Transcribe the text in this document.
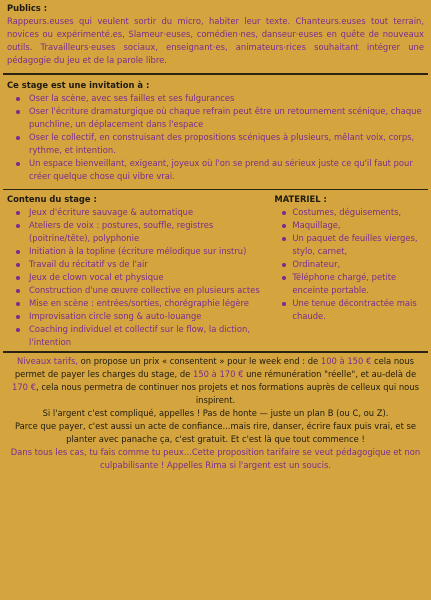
Publics :
Rappeurs.euses qui veulent sortir du micro, habiter leur texte. Chanteurs.euses tout terrain, novices ou expérimenté.es, Slameur·euses, comédien·nes, danseur·euses en quête de nouveaux outils. Travailleurs·euses sociaux, enseignant·es, animateurs·rices souhaitant intégrer une pédagogie du jeu et de la parole libre.
Ce stage est une invitation à :
Oser la scène, avec ses failles et ses fulgurances
Oser l'écriture dramaturgique où chaque refrain peut être un retournement scénique, chaque punchline, un déplacement dans l'espace
Oser le collectif, en construisant des propositions scéniques à plusieurs, mêlant voix, corps, rythme, et intention.
Un espace bienveillant, exigeant, joyeux où l'on se prend au sérieux juste ce qu'il faut pour créer quelque chose qui vibre vrai.
Contenu du stage :
Jeux d'écriture sauvage & automatique
Ateliers de voix : postures, souffle, registres (poitrine/tête), polyphonie
Initiation à la topline (écriture mélodique sur instru)
Travail du récitatif vs de l'air
Jeux de clown vocal et physique
Construction d'une œuvre collective en plusieurs actes
Mise en scène : entrées/sorties, chorégraphie légère
Improvisation circle song & auto-louange
Coaching individuel et collectif sur le flow, la diction, l'intention
MATERIEL :
Costumes, déguisements,
Maquillage,
Un paquet de feuilles vierges, stylo, carnet,
Ordinateur,
Téléphone chargé, petite enceinte portable.
Une tenue décontractée mais chaude.
Niveaux tarifs, on propose un prix « consentent » pour le week end : de 100 à 150 € cela nous permet de payer les charges du stage, de 150 à 170 € une rémunération "réelle", et au-delà de 170 €, cela nous permetra de continuer nos projets et nos formations auprès de celleux qui nous inspirent.
Si l'argent c'est compliqué, appelles ! Pas de honte — juste un plan B (ou C, ou Z).
Parce que payer, c'est aussi un acte de confiance...mais rire, danser, écrire faux puis vrai, et se planter avec panache ça, c'est gratuit. Et c'est là que tout commence !
Dans tous les cas, tu fais comme tu peux...Cette proposition tarifaire se veut pédagogique et non culpabilisante ! Appelles Rima si l'argent est un soucis.
